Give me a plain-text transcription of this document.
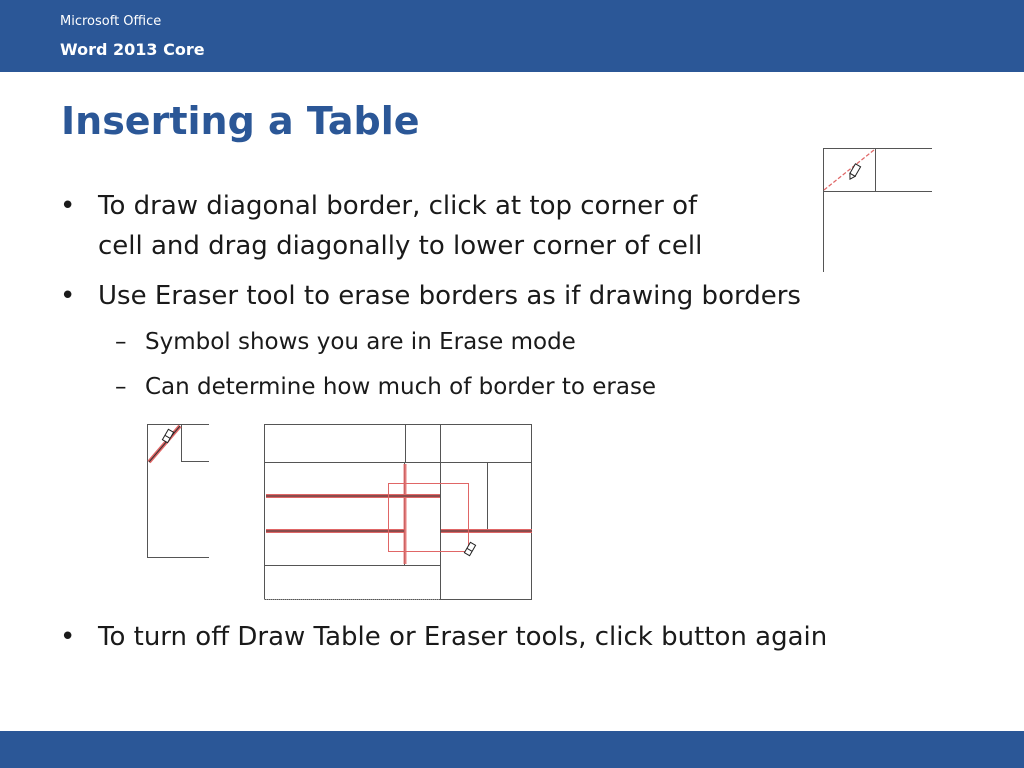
Microsoft Office
Word 2013 Core
Inserting a Table
• To draw diagonal border, click at top corner of
cell and drag diagonally to lower corner of cell
• Use Eraser tool to erase borders as if drawing borders
– Symbol shows you are in Erase mode
– Can determine how much of border to erase
• To turn off Draw Table or Eraser tools, click button again
